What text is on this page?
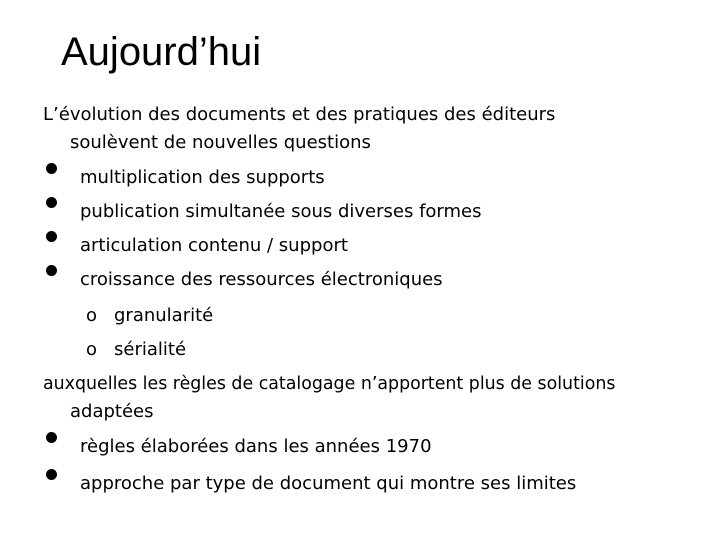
Aujourd’hui
L’évolution des documents et des pratiques des éditeurs
soulèvent de nouvelles questions
multiplication des supports
publication simultanée sous diverses formes
articulation contenu / support
croissance des ressources électroniques
o granularité
o sérialité
auxquelles les règles de catalogage n’apportent plus de solutions
adaptées
règles élaborées dans les années 1970
approche par type de document qui montre ses limites
